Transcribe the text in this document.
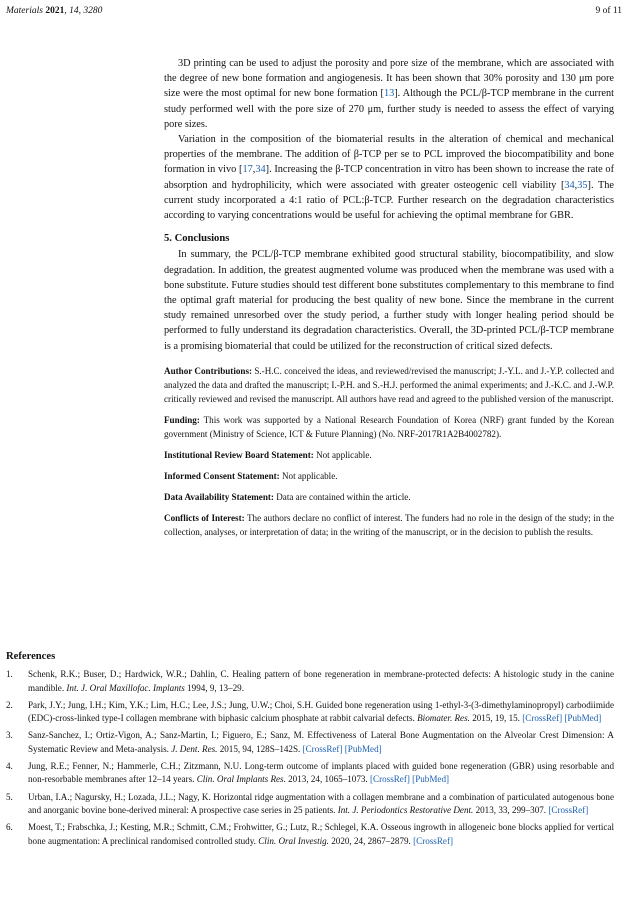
Materials 2021, 14, 3280	9 of 11

3D printing can be used to adjust the porosity and pore size of the membrane, which are associated with the degree of new bone formation and angiogenesis. It has been shown that 30% porosity and 130 μm pore size were the most optimal for new bone formation [13]. Although the PCL/β-TCP membrane in the current study performed well with the pore size of 270 μm, further study is needed to assess the effect of varying pore sizes.

Variation in the composition of the biomaterial results in the alteration of chemical and mechanical properties of the membrane. The addition of β-TCP per se to PCL improved the biocompatibility and bone formation in vivo [17,34]. Increasing the β-TCP concentration in vitro has been shown to increase the rate of absorption and hydrophilicity, which were associated with greater osteogenic cell viability [34,35]. The current study incorporated a 4:1 ratio of PCL:β-TCP. Further research on the degradation characteristics according to varying concentrations would be useful for achieving the optimal membrane for GBR.

5. Conclusions

In summary, the PCL/β-TCP membrane exhibited good structural stability, biocompatibility, and slow degradation. In addition, the greatest augmented volume was produced when the membrane was used with a bone substitute. Future studies should test different bone substitutes complementary to this membrane to find the optimal graft material for producing the best quality of new bone. Since the membrane in the current study remained unresorbed over the study period, a further study with longer healing period should be performed to fully understand its degradation characteristics. Overall, the 3D-printed PCL/β-TCP membrane is a promising biomaterial that could be utilized for the reconstruction of critical sized defects.

Author Contributions: S.-H.C. conceived the ideas, and reviewed/revised the manuscript; J.-Y.L. and J.-Y.P. collected and analyzed the data and drafted the manuscript; I.-P.H. and S.-H.J. performed the animal experiments; and J.-K.C. and J.-W.P. critically reviewed and revised the manuscript. All authors have read and agreed to the published version of the manuscript.

Funding: This work was supported by a National Research Foundation of Korea (NRF) grant funded by the Korean government (Ministry of Science, ICT & Future Planning) (No. NRF-2017R1A2B4002782).

Institutional Review Board Statement: Not applicable.

Informed Consent Statement: Not applicable.

Data Availability Statement: Data are contained within the article.

Conflicts of Interest: The authors declare no conflict of interest. The funders had no role in the design of the study; in the collection, analyses, or interpretation of data; in the writing of the manuscript, or in the decision to publish the results.

References
1.	Schenk, R.K.; Buser, D.; Hardwick, W.R.; Dahlin, C. Healing pattern of bone regeneration in membrane-protected defects: A histologic study in the canine mandible. Int. J. Oral Maxillofac. Implants 1994, 9, 13–29.
2.	Park, J.Y.; Jung, I.H.; Kim, Y.K.; Lim, H.C.; Lee, J.S.; Jung, U.W.; Choi, S.H. Guided bone regeneration using 1-ethyl-3-(3-dimethylaminopropyl) carbodiimide (EDC)-cross-linked type-I collagen membrane with biphasic calcium phosphate at rabbit calvarial defects. Biomater. Res. 2015, 19, 15. [CrossRef] [PubMed]
3.	Sanz-Sanchez, I.; Ortiz-Vigon, A.; Sanz-Martin, I.; Figuero, E.; Sanz, M. Effectiveness of Lateral Bone Augmentation on the Alveolar Crest Dimension: A Systematic Review and Meta-analysis. J. Dent. Res. 2015, 94, 128S–142S. [CrossRef] [PubMed]
4.	Jung, R.E.; Fenner, N.; Hammerle, C.H.; Zitzmann, N.U. Long-term outcome of implants placed with guided bone regeneration (GBR) using resorbable and non-resorbable membranes after 12–14 years. Clin. Oral Implants Res. 2013, 24, 1065–1073. [CrossRef] [PubMed]
5.	Urban, I.A.; Nagursky, H.; Lozada, J.L.; Nagy, K. Horizontal ridge augmentation with a collagen membrane and a combination of particulated autogenous bone and anorganic bovine bone-derived mineral: A prospective case series in 25 patients. Int. J. Periodontics Restorative Dent. 2013, 33, 299–307. [CrossRef]
6.	Moest, T.; Frabschka, J.; Kesting, M.R.; Schmitt, C.M.; Frohwitter, G.; Lutz, R.; Schlegel, K.A. Osseous ingrowth in allogeneic bone blocks applied for vertical bone augmentation: A preclinical randomised controlled study. Clin. Oral Investig. 2020, 24, 2867–2879. [CrossRef]
